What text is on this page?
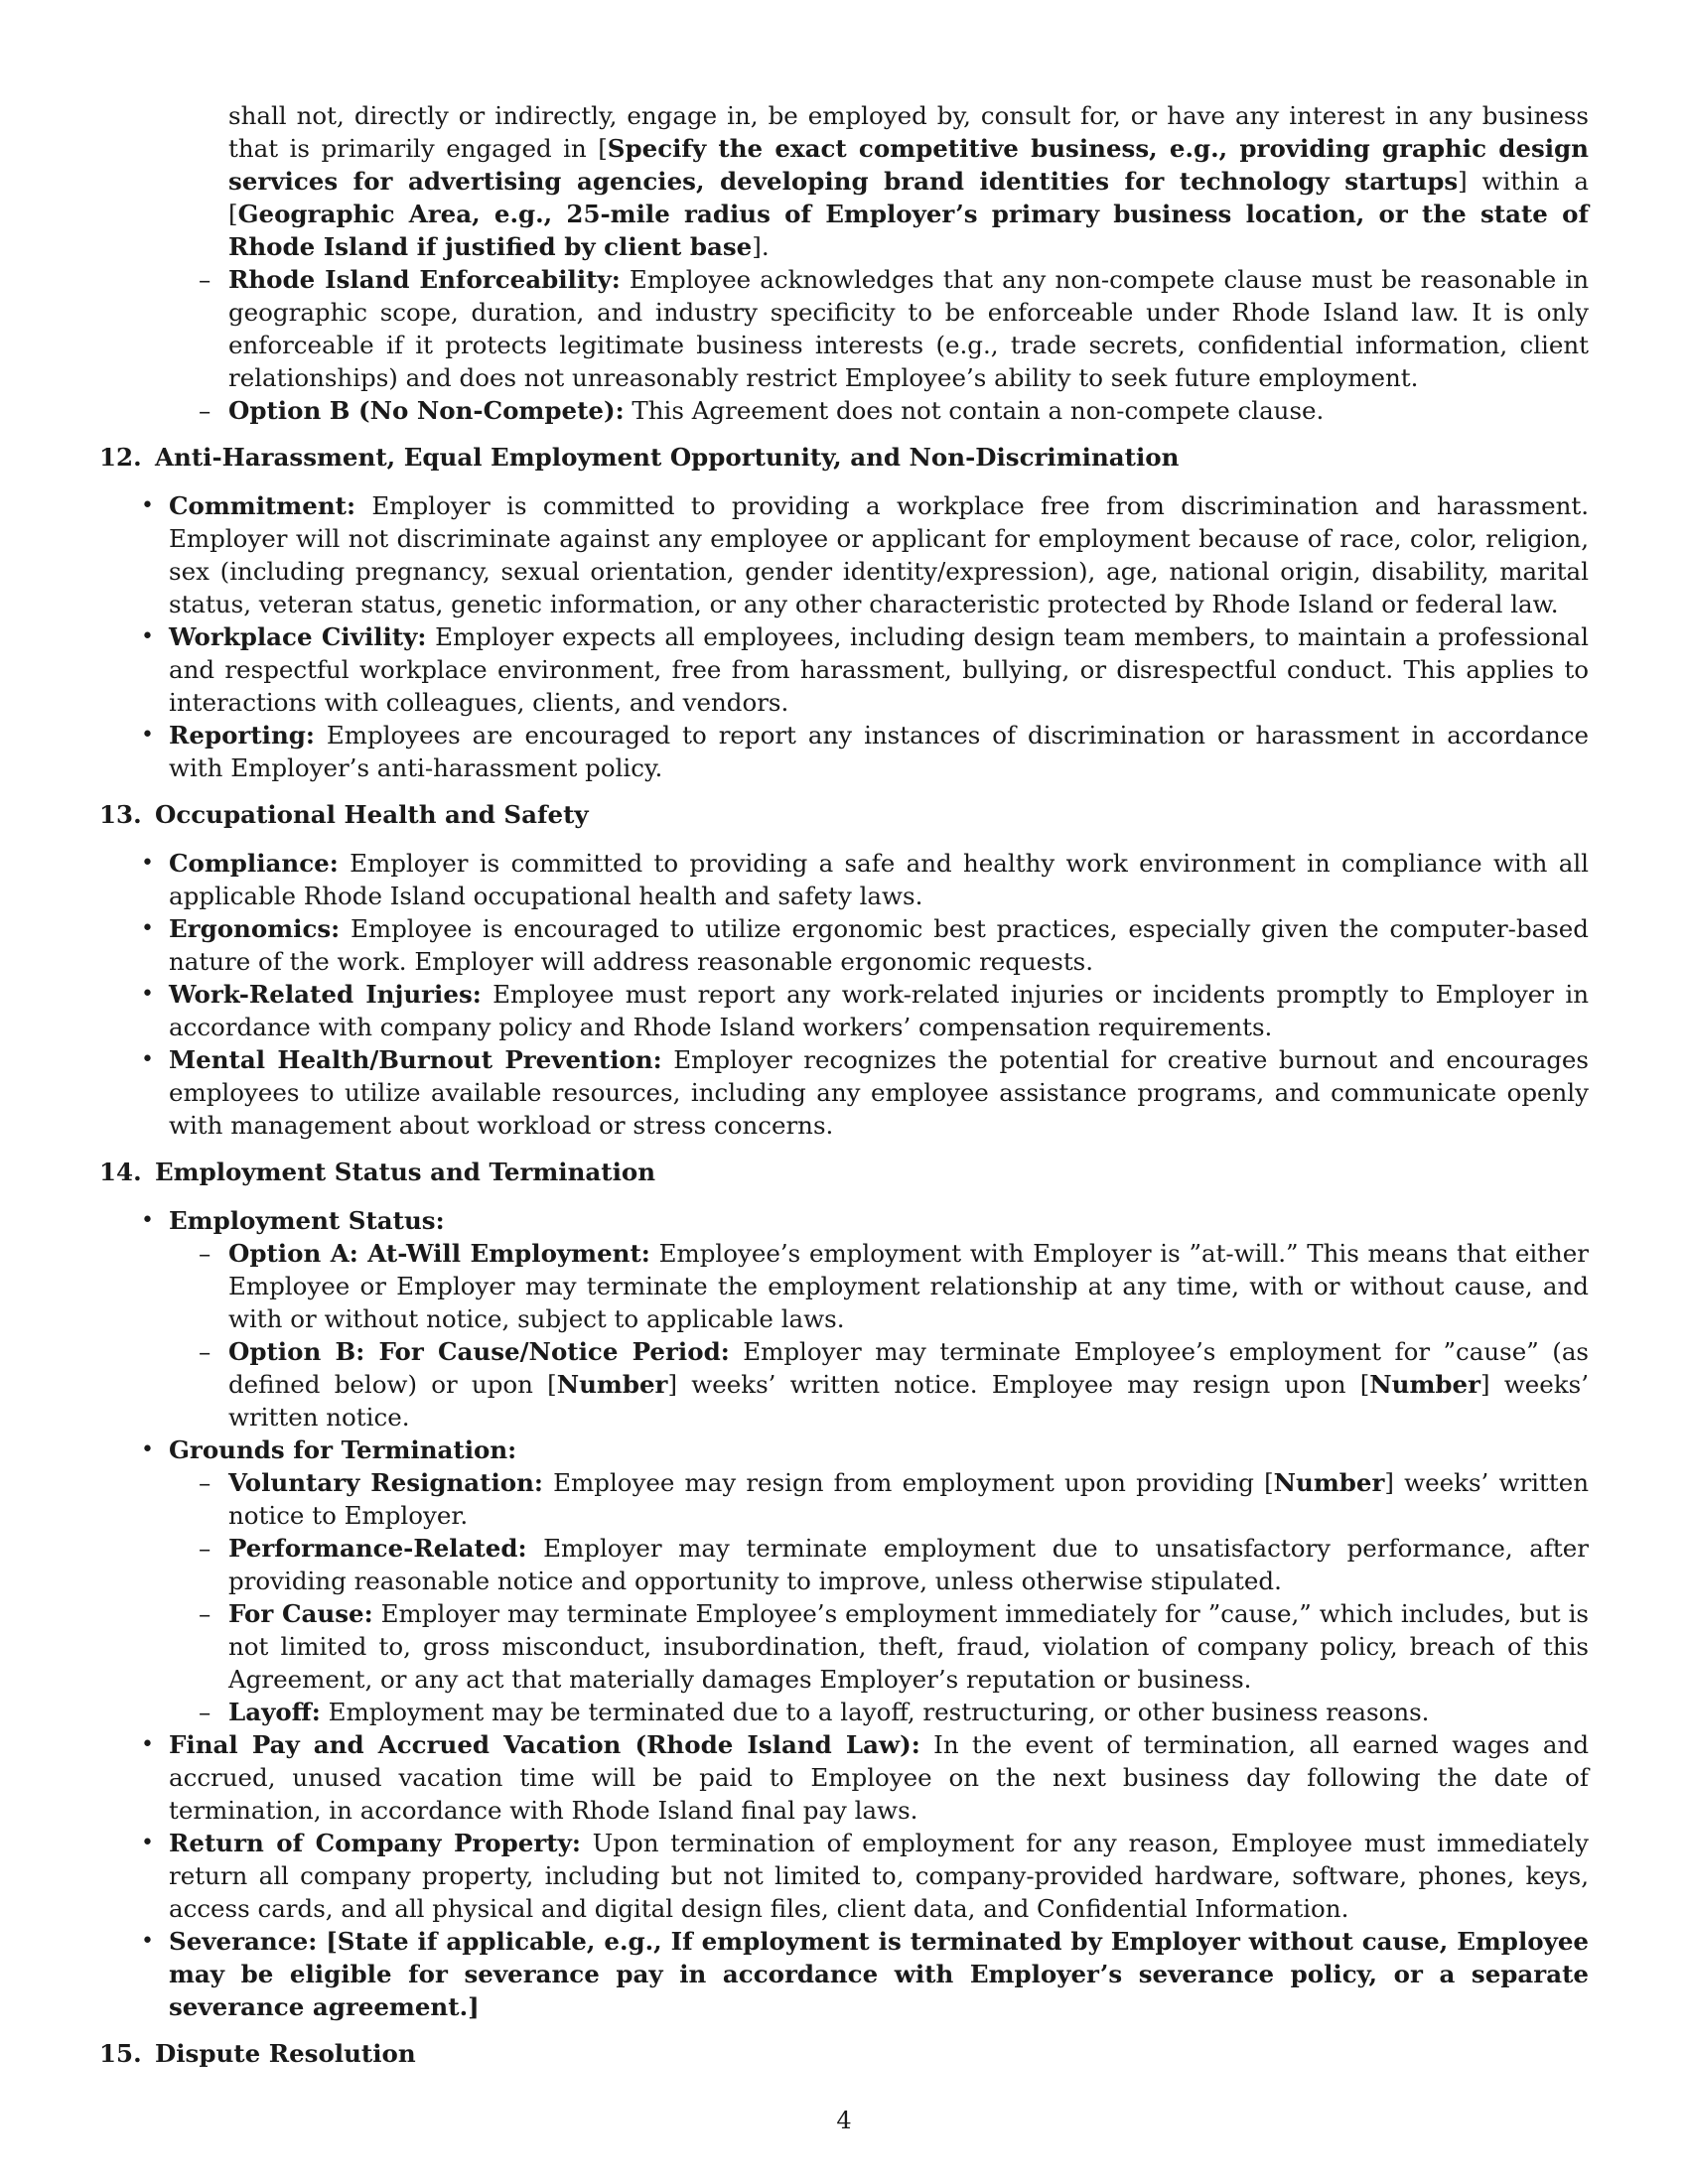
shall not, directly or indirectly, engage in, be employed by, consult for, or have any interest in any business that is primarily engaged in [Specify the exact competitive business, e.g., providing graphic design services for advertising agencies, developing brand identities for technology startups] within a [Geographic Area, e.g., 25-mile radius of Employer’s primary business location, or the state of Rhode Island if justified by client base].
– Rhode Island Enforceability: Employee acknowledges that any non-compete clause must be reasonable in geographic scope, duration, and industry specificity to be enforceable under Rhode Island law. It is only enforceable if it protects legitimate business interests (e.g., trade secrets, confidential information, client relationships) and does not unreasonably restrict Employee’s ability to seek future employment.
– Option B (No Non-Compete): This Agreement does not contain a non-compete clause.
12. Anti-Harassment, Equal Employment Opportunity, and Non-Discrimination
• Commitment: Employer is committed to providing a workplace free from discrimination and harassment. Employer will not discriminate against any employee or applicant for employment because of race, color, religion, sex (including pregnancy, sexual orientation, gender identity/expression), age, national origin, disability, marital status, veteran status, genetic information, or any other characteristic protected by Rhode Island or federal law.
• Workplace Civility: Employer expects all employees, including design team members, to maintain a professional and respectful workplace environment, free from harassment, bullying, or disrespectful conduct. This applies to interactions with colleagues, clients, and vendors.
• Reporting: Employees are encouraged to report any instances of discrimination or harassment in accordance with Employer’s anti-harassment policy.
13. Occupational Health and Safety
• Compliance: Employer is committed to providing a safe and healthy work environment in compliance with all applicable Rhode Island occupational health and safety laws.
• Ergonomics: Employee is encouraged to utilize ergonomic best practices, especially given the computer-based nature of the work. Employer will address reasonable ergonomic requests.
• Work-Related Injuries: Employee must report any work-related injuries or incidents promptly to Employer in accordance with company policy and Rhode Island workers’ compensation requirements.
• Mental Health/Burnout Prevention: Employer recognizes the potential for creative burnout and encourages employees to utilize available resources, including any employee assistance programs, and communicate openly with management about workload or stress concerns.
14. Employment Status and Termination
• Employment Status:
– Option A: At-Will Employment: Employee’s employment with Employer is ”at-will.” This means that either Employee or Employer may terminate the employment relationship at any time, with or without cause, and with or without notice, subject to applicable laws.
– Option B: For Cause/Notice Period: Employer may terminate Employee’s employment for ”cause” (as defined below) or upon [Number] weeks’ written notice. Employee may resign upon [Number] weeks’ written notice.
• Grounds for Termination:
– Voluntary Resignation: Employee may resign from employment upon providing [Number] weeks’ written notice to Employer.
– Performance-Related: Employer may terminate employment due to unsatisfactory performance, after providing reasonable notice and opportunity to improve, unless otherwise stipulated.
– For Cause: Employer may terminate Employee’s employment immediately for ”cause,” which includes, but is not limited to, gross misconduct, insubordination, theft, fraud, violation of company policy, breach of this Agreement, or any act that materially damages Employer’s reputation or business.
– Layoff: Employment may be terminated due to a layoff, restructuring, or other business reasons.
• Final Pay and Accrued Vacation (Rhode Island Law): In the event of termination, all earned wages and accrued, unused vacation time will be paid to Employee on the next business day following the date of termination, in accordance with Rhode Island final pay laws.
• Return of Company Property: Upon termination of employment for any reason, Employee must immediately return all company property, including but not limited to, company-provided hardware, software, phones, keys, access cards, and all physical and digital design files, client data, and Confidential Information.
• Severance: [State if applicable, e.g., If employment is terminated by Employer without cause, Employee may be eligible for severance pay in accordance with Employer’s severance policy, or a separate severance agreement.]
15. Dispute Resolution
4
